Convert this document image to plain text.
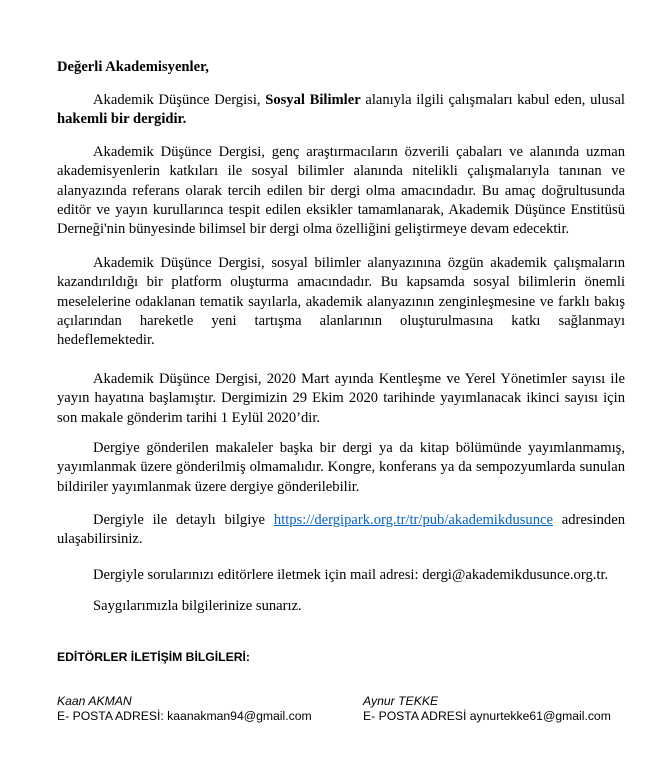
Değerli Akademisyenler,

Akademik Düşünce Dergisi, Sosyal Bilimler alanıyla ilgili çalışmaları kabul eden, ulusal hakemli bir dergidir.

Akademik Düşünce Dergisi, genç araştırmacıların özverili çabaları ve alanında uzman akademisyenlerin katkıları ile sosyal bilimler alanında nitelikli çalışmalarıyla tanınan ve alanyazında referans olarak tercih edilen bir dergi olma amacındadır. Bu amaç doğrultusunda editör ve yayın kurullarınca tespit edilen eksikler tamamlanarak, Akademik Düşünce Enstitüsü Derneği'nin bünyesinde bilimsel bir dergi olma özelliğini geliştirmeye devam edecektir.

Akademik Düşünce Dergisi, sosyal bilimler alanyazınına özgün akademik çalışmaların kazandırıldığı bir platform oluşturma amacındadır. Bu kapsamda sosyal bilimlerin önemli meselelerine odaklanan tematik sayılarla, akademik alanyazının zenginleşmesine ve farklı bakış açılarından hareketle yeni tartışma alanlarının oluşturulmasına katkı sağlanmayı hedeflemektedir.

Akademik Düşünce Dergisi, 2020 Mart ayında Kentleşme ve Yerel Yönetimler sayısı ile yayın hayatına başlamıştır. Dergimizin 29 Ekim 2020 tarihinde yayımlanacak ikinci sayısı için son makale gönderim tarihi 1 Eylül 2020’dir.

Dergiye gönderilen makaleler başka bir dergi ya da kitap bölümünde yayımlanmamış, yayımlanmak üzere gönderilmiş olmamalıdır. Kongre, konferans ya da sempozyumlarda sunulan bildiriler yayımlanmak üzere dergiye gönderilebilir.

Dergiyle ile detaylı bilgiye https://dergipark.org.tr/tr/pub/akademikdusunce adresinden ulaşabilirsiniz.

Dergiyle sorularınızı editörlere iletmek için mail adresi: dergi@akademikdusunce.org.tr.

Saygılarımızla bilgilerinize sunarız.

EDİTÖRLER İLETİŞİM BİLGİLERİ:
Kaan AKMAN
E- POSTA ADRESİ: kaanakman94@gmail.com
Aynur TEKKE
E- POSTA ADRESİ aynurtekke61@gmail.com
